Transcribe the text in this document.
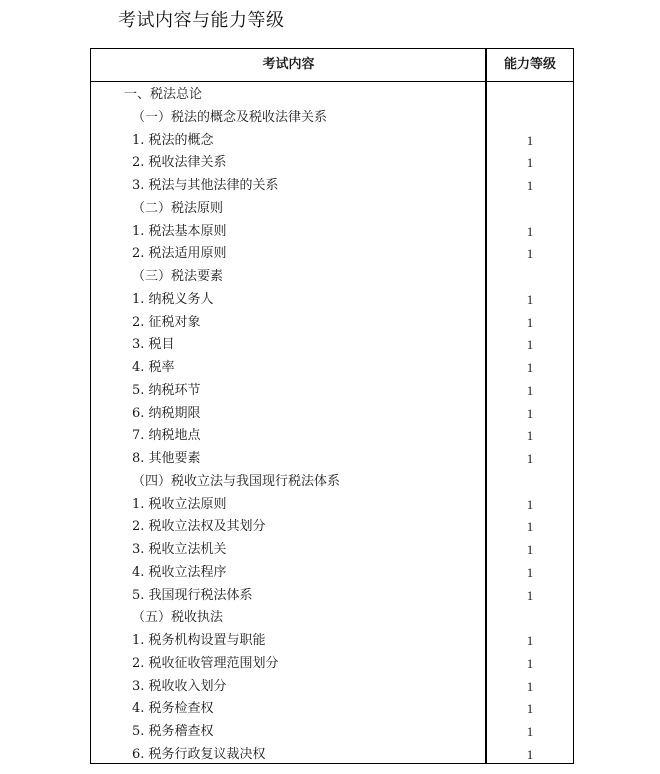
考试内容与能力等级
考试内容	能力等级
一、税法总论
（一）税法的概念及税收法律关系
1. 税法的概念	1
2. 税收法律关系	1
3. 税法与其他法律的关系	1
（二）税法原则
1. 税法基本原则	1
2. 税法适用原则	1
（三）税法要素
1. 纳税义务人	1
2. 征税对象	1
3. 税目	1
4. 税率	1
5. 纳税环节	1
6. 纳税期限	1
7. 纳税地点	1
8. 其他要素	1
（四）税收立法与我国现行税法体系
1. 税收立法原则	1
2. 税收立法权及其划分	1
3. 税收立法机关	1
4. 税收立法程序	1
5. 我国现行税法体系	1
（五）税收执法
1. 税务机构设置与职能	1
2. 税收征收管理范围划分	1
3. 税收收入划分	1
4. 税务检查权	1
5. 税务稽查权	1
6. 税务行政复议裁决权	1
